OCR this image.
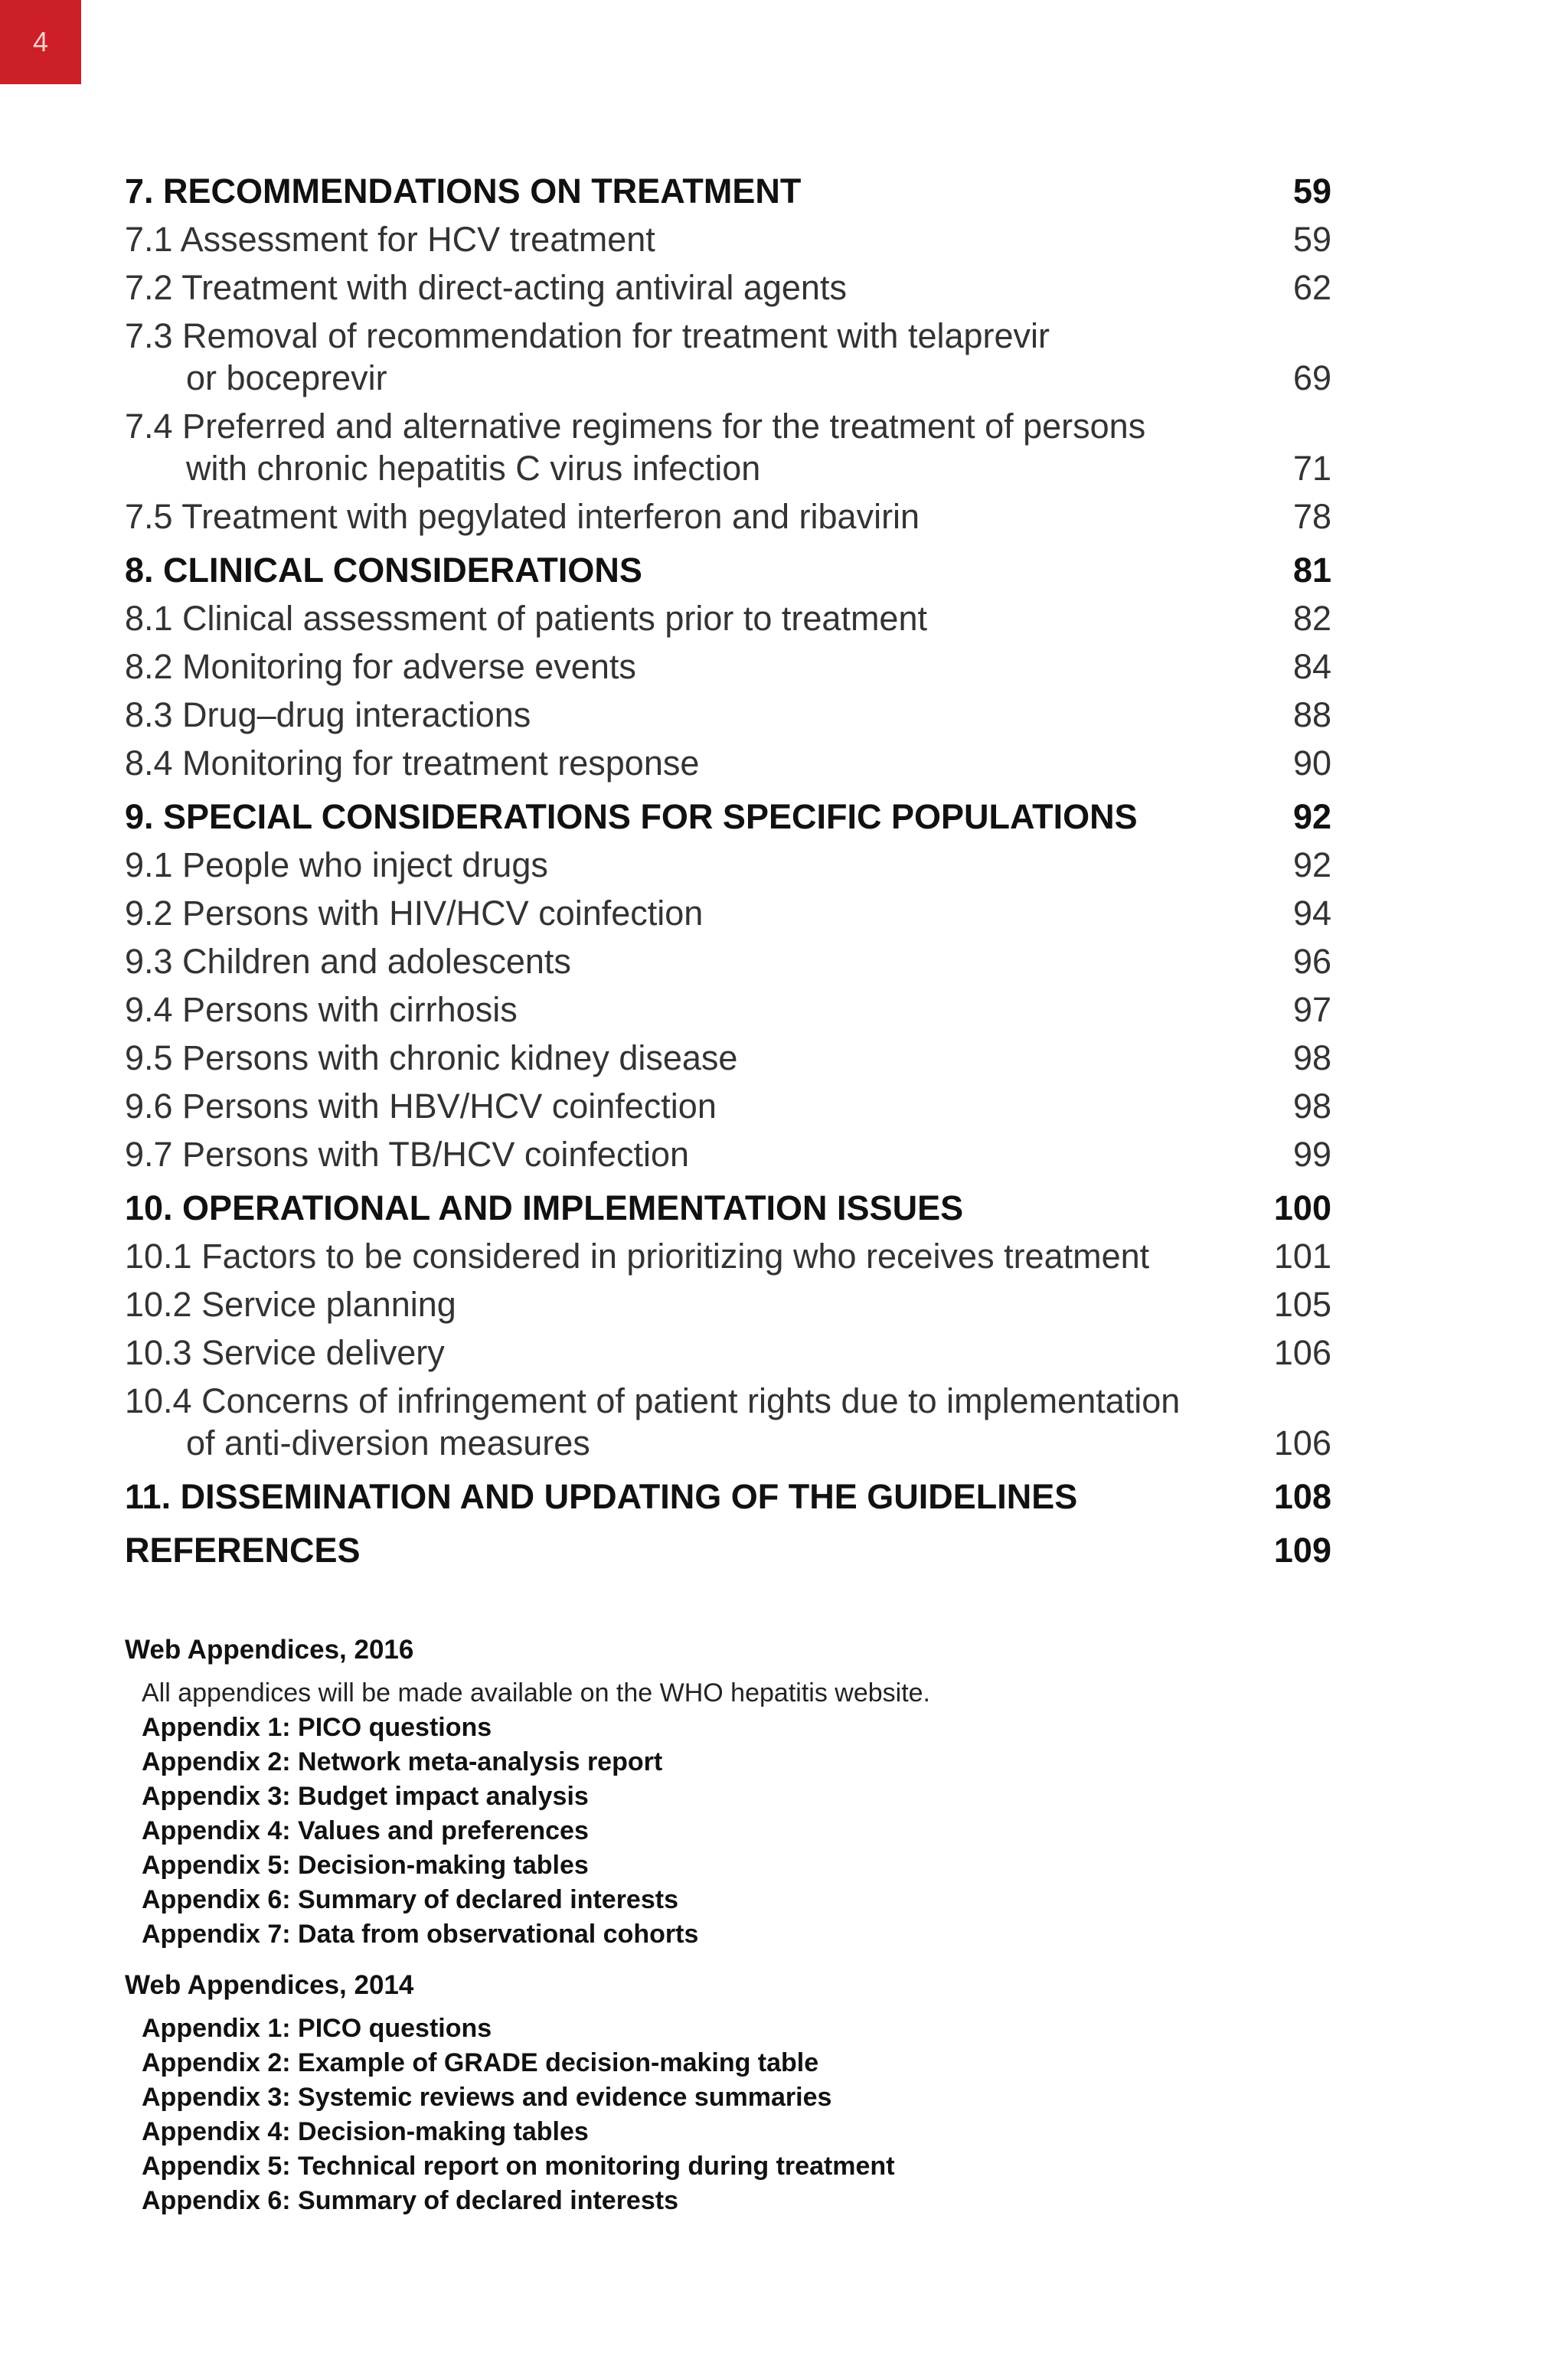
4
7. RECOMMENDATIONS ON TREATMENT	59
7.1 Assessment for HCV treatment	59
7.2 Treatment with direct-acting antiviral agents	62
7.3 Removal of recommendation for treatment with telaprevir
or boceprevir	69
7.4 Preferred and alternative regimens for the treatment of persons
with chronic hepatitis C virus infection	71
7.5 Treatment with pegylated interferon and ribavirin	78
8. CLINICAL CONSIDERATIONS	81
8.1 Clinical assessment of patients prior to treatment	82
8.2 Monitoring for adverse events	84
8.3 Drug–drug interactions	88
8.4 Monitoring for treatment response	90
9. SPECIAL CONSIDERATIONS FOR SPECIFIC POPULATIONS	92
9.1 People who inject drugs	92
9.2 Persons with HIV/HCV coinfection	94
9.3 Children and adolescents	96
9.4 Persons with cirrhosis	97
9.5 Persons with chronic kidney disease	98
9.6 Persons with HBV/HCV coinfection	98
9.7 Persons with TB/HCV coinfection	99
10. OPERATIONAL AND IMPLEMENTATION ISSUES	100
10.1 Factors to be considered in prioritizing who receives treatment	101
10.2 Service planning	105
10.3 Service delivery	106
10.4 Concerns of infringement of patient rights due to implementation
of anti-diversion measures	106
11. DISSEMINATION AND UPDATING OF THE GUIDELINES	108
REFERENCES	109
Web Appendices, 2016
All appendices will be made available on the WHO hepatitis website.
Appendix 1: PICO questions
Appendix 2: Network meta-analysis report
Appendix 3: Budget impact analysis
Appendix 4: Values and preferences
Appendix 5: Decision-making tables
Appendix 6: Summary of declared interests
Appendix 7: Data from observational cohorts
Web Appendices, 2014
Appendix 1: PICO questions
Appendix 2: Example of GRADE decision-making table
Appendix 3: Systemic reviews and evidence summaries
Appendix 4: Decision-making tables
Appendix 5: Technical report on monitoring during treatment
Appendix 6: Summary of declared interests
